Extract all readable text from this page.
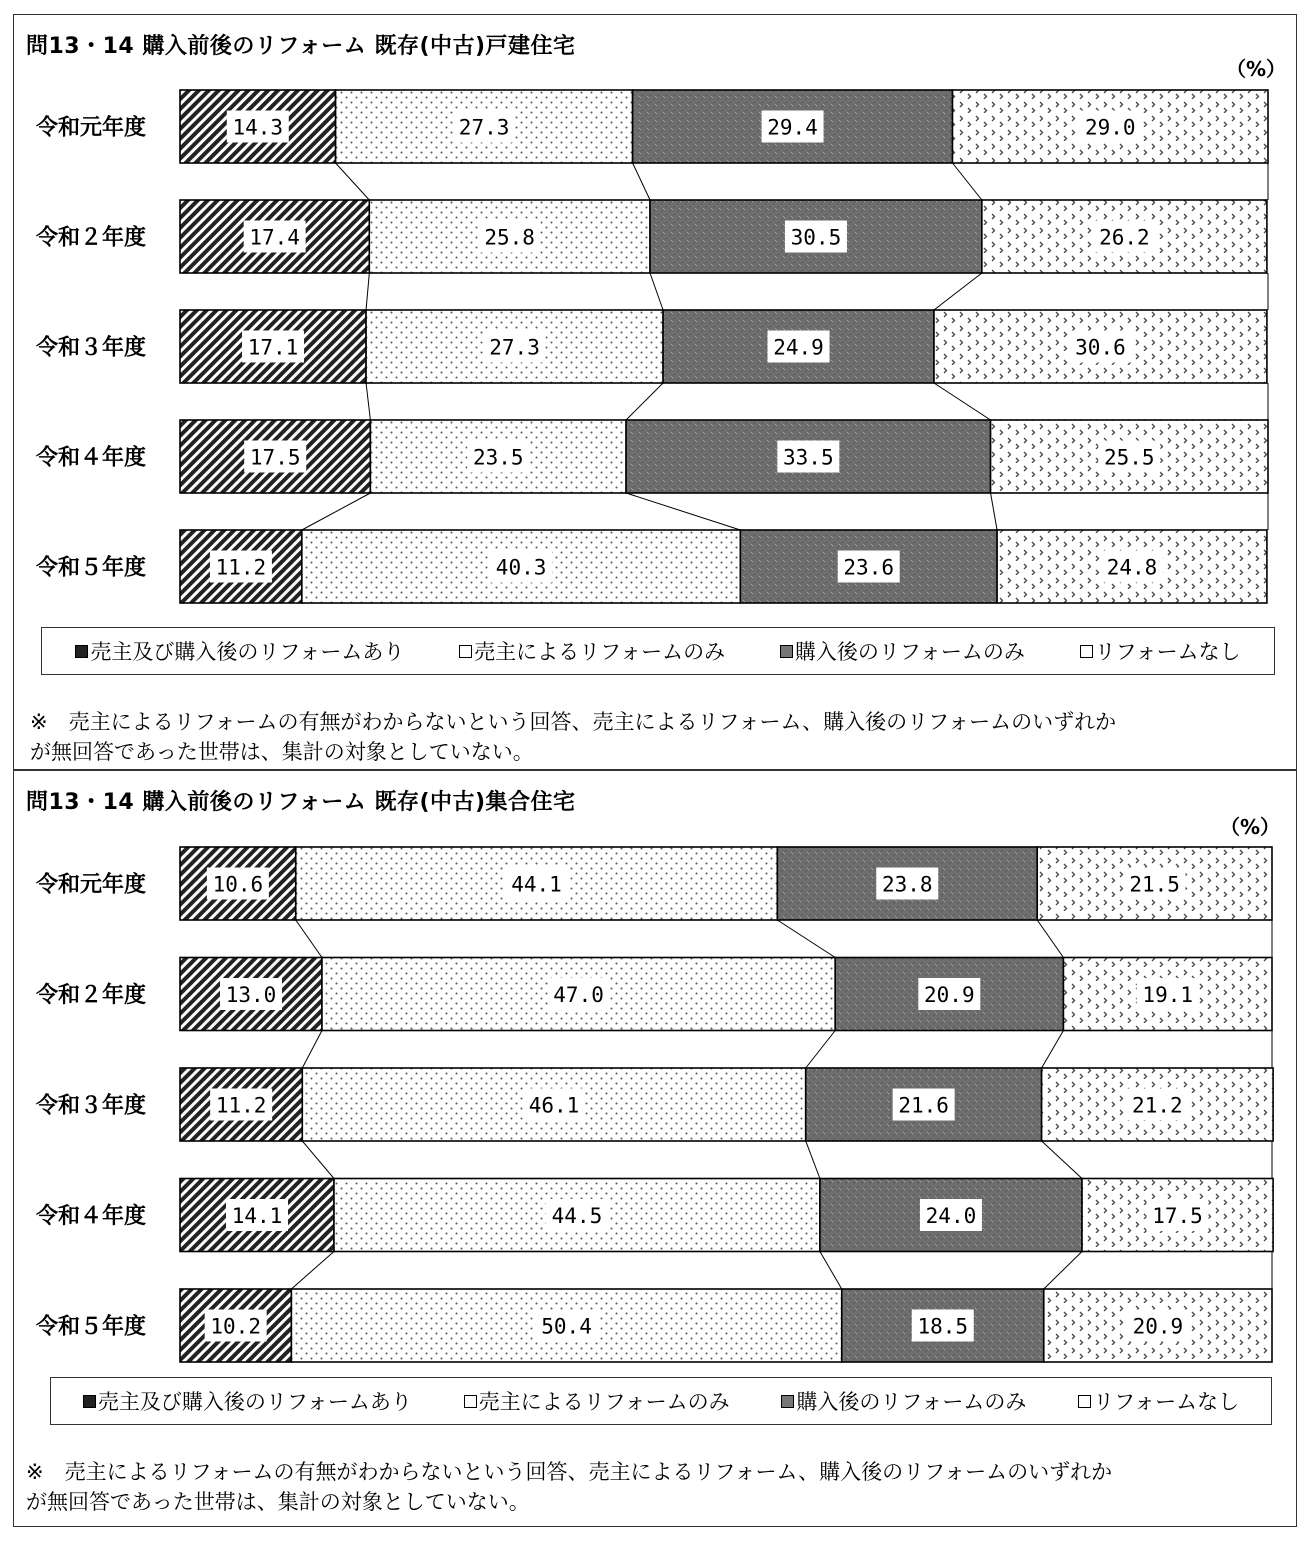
問13・14 購入前後のリフォーム 既存(中古)戸建住宅
（%）
令和元年度	14.3	27.3	29.4	29.0
令和２年度	17.4	25.8	30.5	26.2
令和３年度	17.1	27.3	24.9	30.6
令和４年度	17.5	23.5	33.5	25.5
令和５年度	11.2	40.3	23.6	24.8
売主及び購入後のリフォームあり	売主によるリフォームのみ	購入後のリフォームのみ	リフォームなし
※　売主によるリフォームの有無がわからないという回答、売主によるリフォーム、購入後のリフォームのいずれか
が無回答であった世帯は、集計の対象としていない。
問13・14 購入前後のリフォーム 既存(中古)集合住宅
（%）
令和元年度	10.6	44.1	23.8	21.5
令和２年度	13.0	47.0	20.9	19.1
令和３年度	11.2	46.1	21.6	21.2
令和４年度	14.1	44.5	24.0	17.5
令和５年度	10.2	50.4	18.5	20.9
売主及び購入後のリフォームあり	売主によるリフォームのみ	購入後のリフォームのみ	リフォームなし
※　売主によるリフォームの有無がわからないという回答、売主によるリフォーム、購入後のリフォームのいずれか
が無回答であった世帯は、集計の対象としていない。
